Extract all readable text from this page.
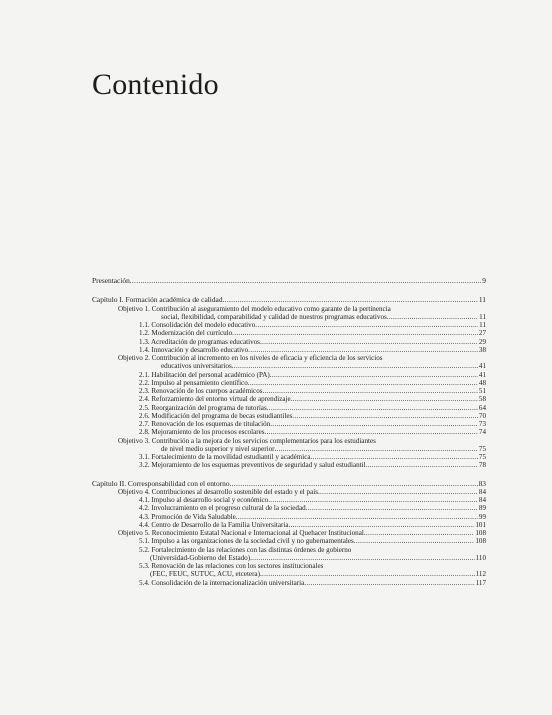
Contenido
Presentación .....	9
Capítulo I. Formación académica de calidad .....	11
Objetivo 1. Contribución al aseguramiento del modelo educativo como garante de la pertinencia
social, flexibilidad, comparabilidad y calidad de nuestros programas educativos .....	11
1.1. Consolidación del modelo educativo .....	11
1.2. Modernización del currículo .....	27
1.3. Acreditación de programas educativos .....	29
1.4. Innovación y desarrollo educativo .....	38
Objetivo 2. Contribución al incremento en los niveles de eficacia y eficiencia de los servicios
educativos universitarios .....	41
2.1. Habilitación del personal académico (PA) .....	41
2.2. Impulso al pensamiento científico .....	48
2.3. Renovación de los cuerpos académicos .....	51
2.4. Reforzamiento del entorno virtual de aprendizaje .....	58
2.5. Reorganización del programa de tutorías .....	64
2.6. Modificación del programa de becas estudiantiles .....	70
2.7. Renovación de los esquemas de titulación .....	73
2.8. Mejoramiento de los procesos escolares .....	74
Objetivo 3. Contribución a la mejora de los servicios complementarios para los estudiantes
de nivel medio superior y nivel superior .....	75
3.1. Fortalecimiento de la movilidad estudiantil y académica .....	75
3.2. Mejoramiento de los esquemas preventivos de seguridad y salud estudiantil .....	78
Capítulo II. Corresponsabilidad con el entorno .....	83
Objetivo 4. Contribuciones al desarrollo sostenible del estado y el país .....	84
4.1. Impulso al desarrollo social y económico .....	84
4.2. Involucramiento en el progreso cultural de la sociedad .....	89
4.3. Promoción de Vida Saludable .....	99
4.4. Centro de Desarrollo de la Familia Universitaria .....	101
Objetivo 5. Reconocimiento Estatal Nacional e Internacional al Quehacer Institucional .....	108
5.1. Impulso a las organizaciones de la sociedad civil y no gubernamentales .....	108
5.2. Fortalecimiento de las relaciones con las distintas órdenes de gobierno
(Universidad-Gobierno del Estado) .....	110
5.3. Renovación de las relaciones con los sectores institucionales
(FEC, FEUC, SUTUC, ACU, etcetera) .....	112
5.4. Consolidación de la internacionalización universitaria .....	117
